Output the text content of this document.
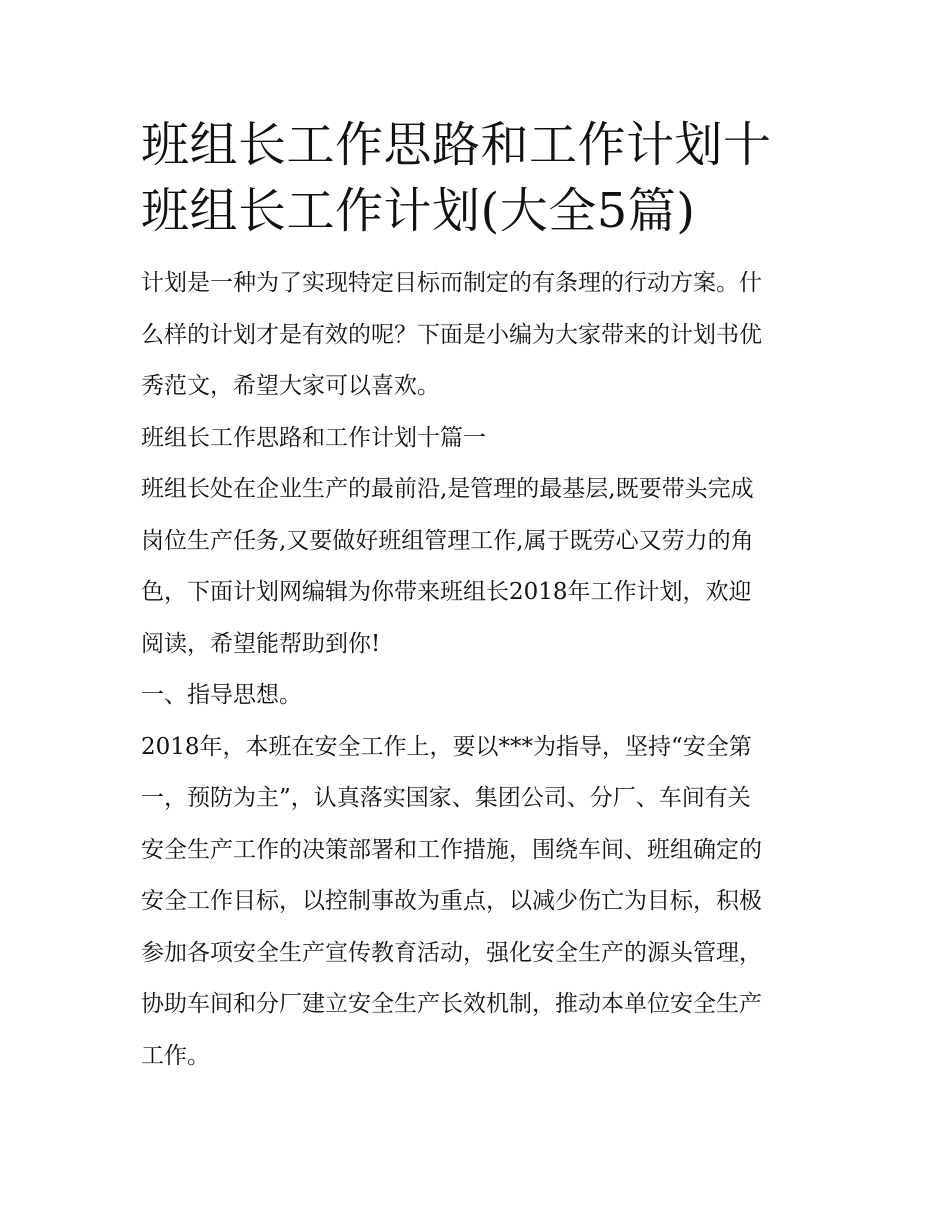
班组长工作思路和工作计划十
班组长工作计划(大全5篇)
计划是一种为了实现特定目标而制定的有条理的行动方案。什
么样的计划才是有效的呢？下面是小编为大家带来的计划书优
秀范文，希望大家可以喜欢。
班组长工作思路和工作计划十篇一
班组长处在企业生产的最前沿,是管理的最基层,既要带头完成
岗位生产任务,又要做好班组管理工作,属于既劳心又劳力的角
色，下面计划网编辑为你带来班组长2018年工作计划，欢迎
阅读，希望能帮助到你!
一、指导思想。
2018年，本班在安全工作上，要以***为指导，坚持“安全第
一，预防为主”，认真落实国家、集团公司、分厂、车间有关
安全生产工作的决策部署和工作措施，围绕车间、班组确定的
安全工作目标，以控制事故为重点，以减少伤亡为目标，积极
参加各项安全生产宣传教育活动，强化安全生产的源头管理，
协助车间和分厂建立安全生产长效机制，推动本单位安全生产
工作。
